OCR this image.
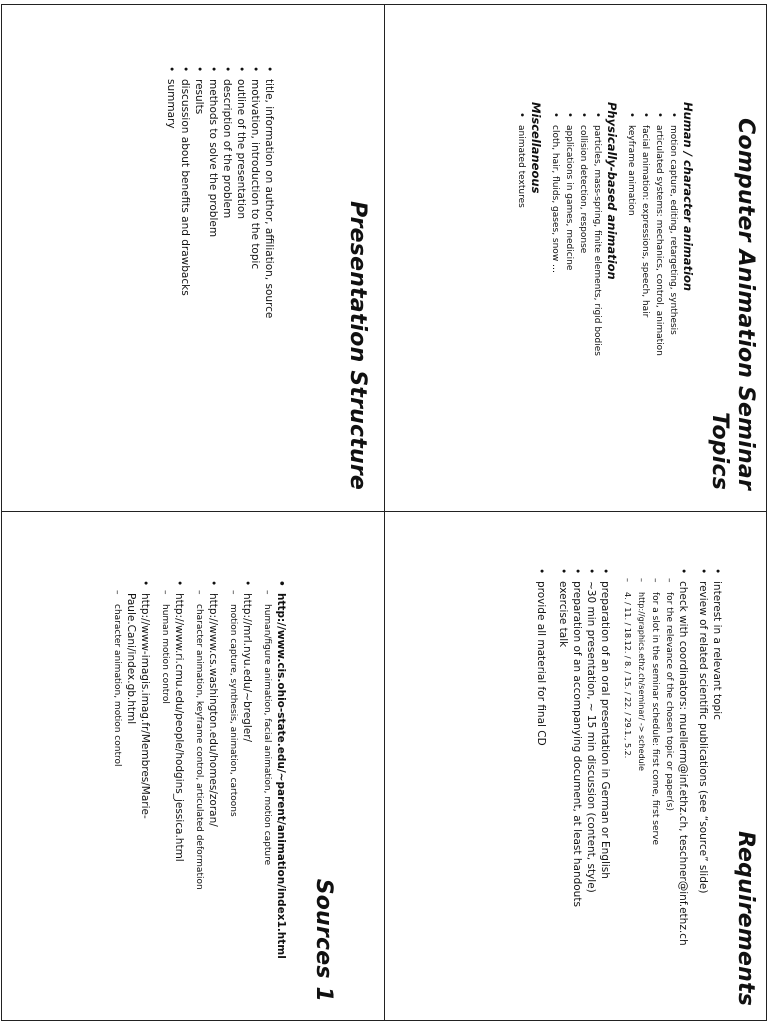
Computer Animation Seminar
Topics
Human / character animation
• motion capture, editing, retargeting, synthesis
• articulated systems: mechanics, control, animation
• facial animation: expressions, speech, hair
• keyframe animation
Physically-based animation
• particles, mass-spring, finite elements, rigid bodies
• collision detection, response
• applications in games, medicine
• cloth, hair, fluids, gases, snow …
Miscellaneous
• animated textures
Presentation Structure
• title, information on author, affiliation, source
• motivation, introduction to the topic
• outline of the presentation
• description of the problem
• methods to solve the problem
• results
• discussion about benefits and drawbacks
• summary
Requirements
• interest in a relevant topic
• review of related scientific publications (see “source” slide)
• check with coordinators: muellerm@inf.ethz.ch, teschner@inf.ethz.ch
– for the relevance of the chosen topic or paper(s)
– for a slot in the seminar schedule: first come, first serve
– http://graphics.ethz.ch/seminar/ -> schedule
– 4. / 11. / 18.12. / 8. / 15. / 22. / 29.1., 5.2.
• preparation of an oral presentation in German or English
• ~30 min presentation, ~ 15 min discussion (content, style)
• preparation of an accompanying document, at least handouts
• exercise talk
• provide all material for final CD
Sources 1
• http://www.cis.ohio-state.edu/~parent/animation/index1.html
– human/figure animation, facial animation, motion capture
• http://mrl.nyu.edu/~bregler/
– motion capture, synthesis, animation, cartoons
• http://www.cs.washington.edu/homes/zoran/
– character animation, keyframe control, articulated deformation
• http://www.ri.cmu.edu/people/hodgins_jessica.html
– human motion control
• http://www-imagis.imag.fr/Membres/Marie-Paule.Cani/index.gb.html
– character animation, motion control
